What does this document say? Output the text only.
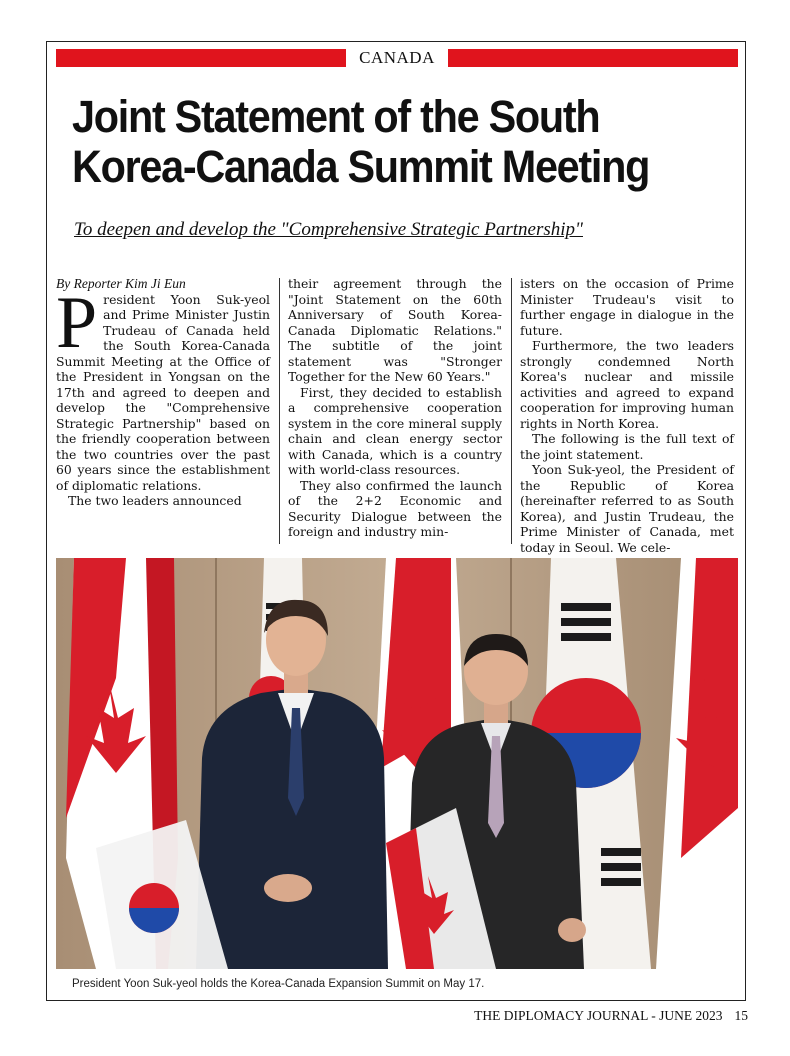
CANADA
Joint Statement of the South
Korea-Canada Summit Meeting
To deepen and develop the "Comprehensive Strategic Partnership"

By Reporter Kim Ji Eun

President Yoon Suk-yeol and Prime Minister Justin Trudeau of Canada held the South Korea-Canada Summit Meeting at the Office of the President in Yongsan on the 17th and agreed to deepen and develop the "Comprehensive Strategic Partnership" based on the friendly cooperation between the two countries over the past 60 years since the establishment of diplomatic relations.

The two leaders announced

their agreement through the "Joint Statement on the 60th Anniversary of South Korea-Canada Diplomatic Relations." The subtitle of the joint statement was "Stronger Together for the New 60 Years."

First, they decided to establish a comprehensive cooperation system in the core mineral supply chain and clean energy sector with Canada, which is a country with world-class resources.

They also confirmed the launch of the 2+2 Economic and Security Dialogue between the foreign and industry min-

isters on the occasion of Prime Minister Trudeau's visit to further engage in dialogue in the future.

Furthermore, the two leaders strongly condemned North Korea's nuclear and missile activities and agreed to expand cooperation for improving human rights in North Korea.

The following is the full text of the joint statement.

Yoon Suk-yeol, the President of the Republic of Korea (hereinafter referred to as South Korea), and Justin Trudeau, the Prime Minister of Canada, met today in Seoul. We cele-

President Yoon Suk-yeol holds the Korea-Canada Expansion Summit on May 17.
THE DIPLOMACY JOURNAL - JUNE 2023 15
